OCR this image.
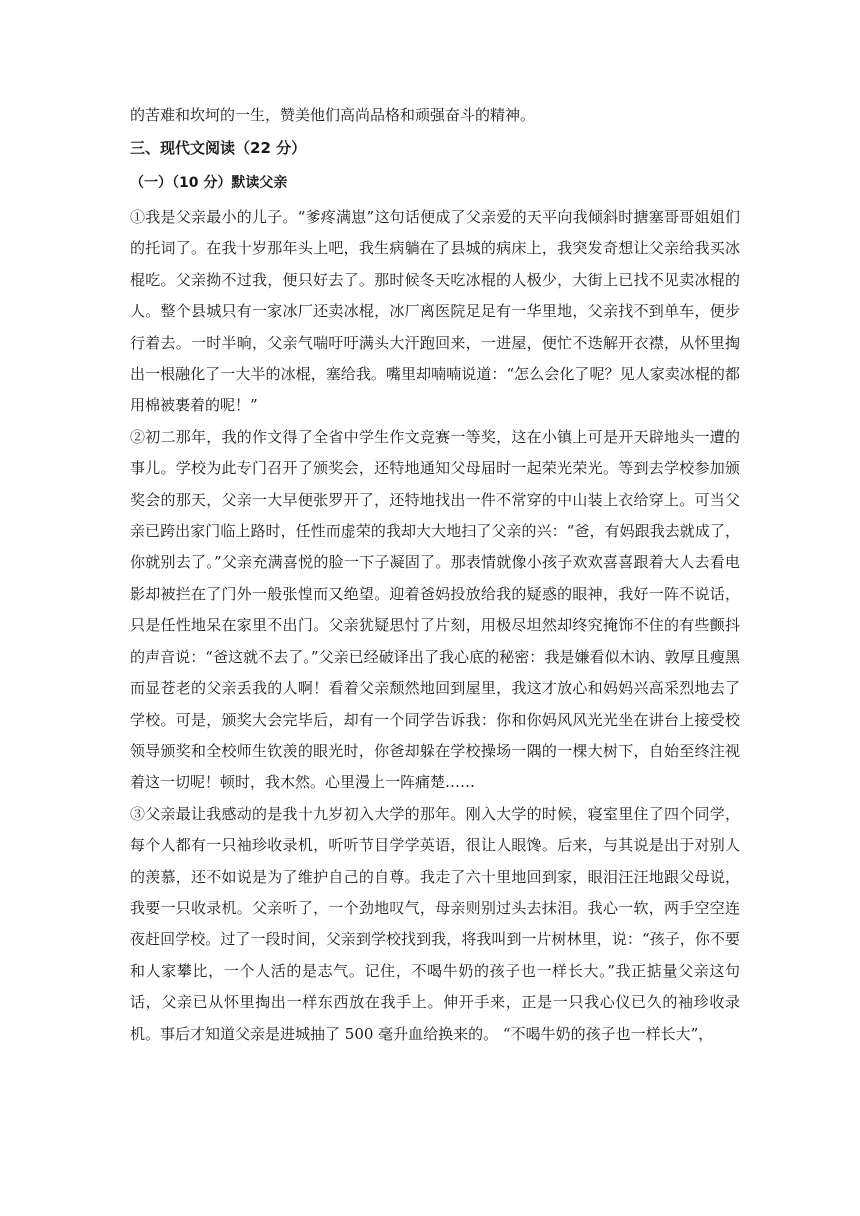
的苦难和坎坷的一生，赞美他们高尚品格和顽强奋斗的精神。

三、现代文阅读（22 分）

（一）（10 分）默读父亲

①我是父亲最小的儿子。“爹疼满崽”这句话便成了父亲爱的天平向我倾斜时搪塞哥哥姐姐们的托词了。在我十岁那年头上吧，我生病躺在了县城的病床上，我突发奇想让父亲给我买冰棍吃。父亲拗不过我，便只好去了。那时候冬天吃冰棍的人极少，大街上已找不见卖冰棍的人。整个县城只有一家冰厂还卖冰棍，冰厂离医院足足有一华里地，父亲找不到单车，便步行着去。一时半晌，父亲气喘吁吁满头大汗跑回来，一进屋，便忙不迭解开衣襟，从怀里掏出一根融化了一大半的冰棍，塞给我。嘴里却喃喃说道：“怎么会化了呢？见人家卖冰棍的都用棉被裹着的呢！”

②初二那年，我的作文得了全省中学生作文竞赛一等奖，这在小镇上可是开天辟地头一遭的事儿。学校为此专门召开了颁奖会，还特地通知父母届时一起荣光荣光。等到去学校参加颁奖会的那天，父亲一大早便张罗开了，还特地找出一件不常穿的中山装上衣给穿上。可当父亲已跨出家门临上路时，任性而虚荣的我却大大地扫了父亲的兴：“爸，有妈跟我去就成了，你就别去了。”父亲充满喜悦的脸一下子凝固了。那表情就像小孩子欢欢喜喜跟着大人去看电影却被拦在了门外一般张惶而又绝望。迎着爸妈投放给我的疑惑的眼神，我好一阵不说话，只是任性地呆在家里不出门。父亲犹疑思忖了片刻，用极尽坦然却终究掩饰不住的有些颤抖的声音说：“爸这就不去了。”父亲已经破译出了我心底的秘密：我是嫌看似木讷、敦厚且瘦黑而显苍老的父亲丢我的人啊！看着父亲颓然地回到屋里，我这才放心和妈妈兴高采烈地去了学校。可是，颁奖大会完毕后，却有一个同学告诉我：你和你妈风风光光坐在讲台上接受校领导颁奖和全校师生钦羡的眼光时，你爸却躲在学校操场一隅的一棵大树下，自始至终注视着这一切呢！顿时，我木然。心里漫上一阵痛楚……

③父亲最让我感动的是我十九岁初入大学的那年。刚入大学的时候，寝室里住了四个同学，每个人都有一只袖珍收录机，听听节目学学英语，很让人眼馋。后来，与其说是出于对别人的羡慕，还不如说是为了维护自己的自尊。我走了六十里地回到家，眼泪汪汪地跟父母说，我要一只收录机。父亲听了，一个劲地叹气，母亲则别过头去抹泪。我心一软，两手空空连夜赶回学校。过了一段时间，父亲到学校找到我，将我叫到一片树林里，说：“孩子，你不要和人家攀比，一个人活的是志气。记住，不喝牛奶的孩子也一样长大。”我正掂量父亲这句话，父亲已从怀里掏出一样东西放在我手上。伸开手来，正是一只我心仪已久的袖珍收录机。事后才知道父亲是进城抽了 500 毫升血给换来的。 “不喝牛奶的孩子也一样长大”，
